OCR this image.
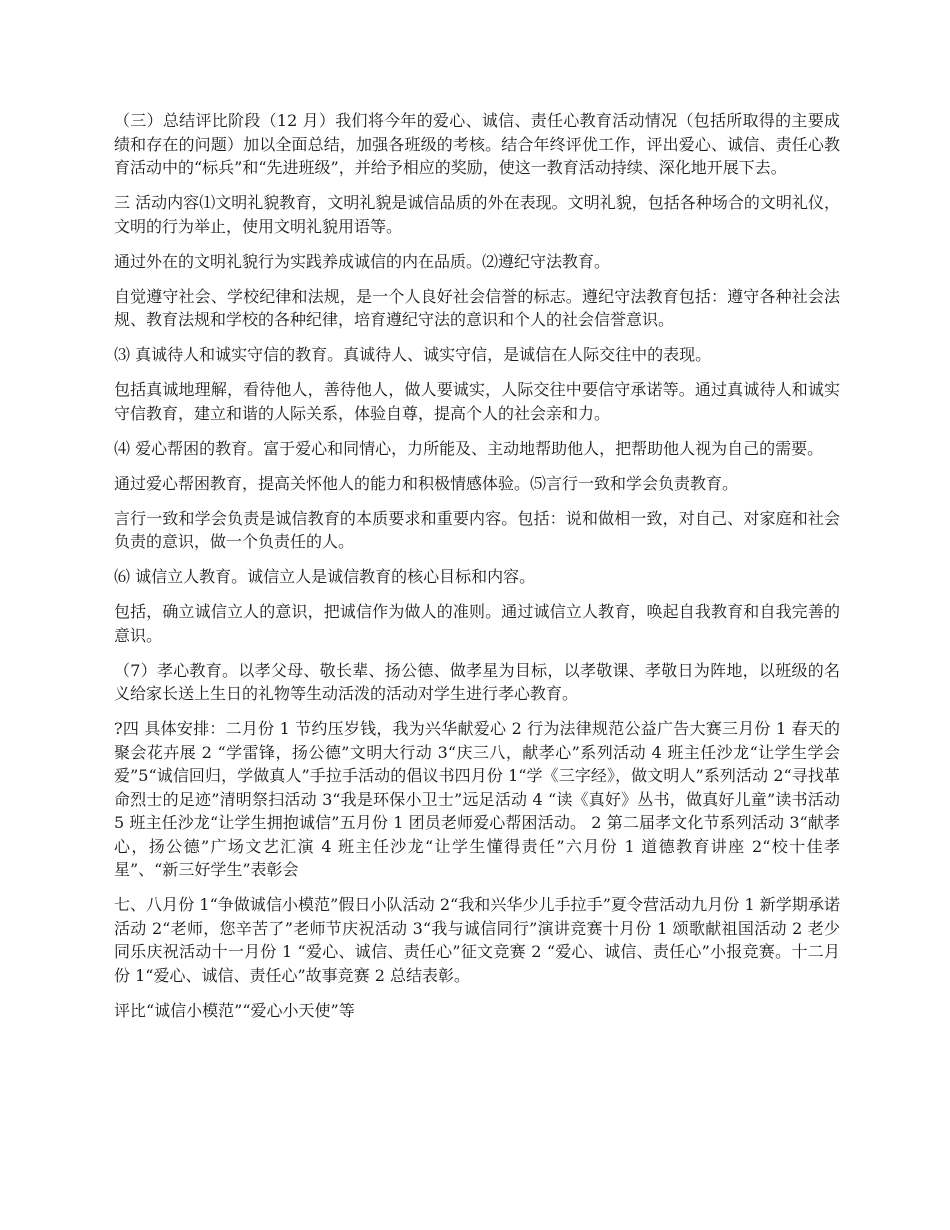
（三）总结评比阶段（12 月）我们将今年的爱心、诚信、责任心教育活动情况（包括所取得的主要成绩和存在的问题）加以全面总结，加强各班级的考核。结合年终评优工作，评出爱心、诚信、责任心教育活动中的“标兵”和“先进班级”，并给予相应的奖励，使这一教育活动持续、深化地开展下去。

三 活动内容⑴文明礼貌教育，文明礼貌是诚信品质的外在表现。文明礼貌，包括各种场合的文明礼仪，文明的行为举止，使用文明礼貌用语等。

通过外在的文明礼貌行为实践养成诚信的内在品质。⑵遵纪守法教育。

自觉遵守社会、学校纪律和法规，是一个人良好社会信誉的标志。遵纪守法教育包括：遵守各种社会法规、教育法规和学校的各种纪律，培育遵纪守法的意识和个人的社会信誉意识。

⑶ 真诚待人和诚实守信的教育。真诚待人、诚实守信，是诚信在人际交往中的表现。

包括真诚地理解，看待他人，善待他人，做人要诚实，人际交往中要信守承诺等。通过真诚待人和诚实守信教育，建立和谐的人际关系，体验自尊，提高个人的社会亲和力。

⑷ 爱心帮困的教育。富于爱心和同情心，力所能及、主动地帮助他人，把帮助他人视为自己的需要。

通过爱心帮困教育，提高关怀他人的能力和积极情感体验。⑸言行一致和学会负责教育。

言行一致和学会负责是诚信教育的本质要求和重要内容。包括：说和做相一致，对自己、对家庭和社会负责的意识，做一个负责任的人。

⑹ 诚信立人教育。诚信立人是诚信教育的核心目标和内容。

包括，确立诚信立人的意识，把诚信作为做人的准则。通过诚信立人教育，唤起自我教育和自我完善的意识。

（7）孝心教育。以孝父母、敬长辈、扬公德、做孝星为目标，以孝敬课、孝敬日为阵地，以班级的名义给家长送上生日的礼物等生动活泼的活动对学生进行孝心教育。

?四 具体安排：二月份 1 节约压岁钱，我为兴华献爱心 2 行为法律规范公益广告大赛三月份 1 春天的聚会花卉展 2 “学雷锋，扬公德”文明大行动 3“庆三八，献孝心”系列活动 4 班主任沙龙“让学生学会爱”5“诚信回归，学做真人”手拉手活动的倡议书四月份 1“学《三字经》，做文明人”系列活动 2“寻找革命烈士的足迹”清明祭扫活动 3“我是环保小卫士”远足活动 4 “读《真好》丛书，做真好儿童”读书活动 5 班主任沙龙“让学生拥抱诚信”五月份 1 团员老师爱心帮困活动。 2 第二届孝文化节系列活动 3“献孝心，扬公德”广场文艺汇演 4 班主任沙龙“让学生懂得责任”六月份 1 道德教育讲座 2“校十佳孝星”、“新三好学生”表彰会

七、八月份 1“争做诚信小模范”假日小队活动 2“我和兴华少儿手拉手”夏令营活动九月份 1 新学期承诺活动 2“老师，您辛苦了”老师节庆祝活动 3“我与诚信同行”演讲竞赛十月份 1 颂歌献祖国活动 2 老少同乐庆祝活动十一月份 1 “爱心、诚信、责任心”征文竞赛 2 “爱心、诚信、责任心”小报竞赛。十二月份 1“爱心、诚信、责任心”故事竞赛 2 总结表彰。

评比“诚信小模范”“爱心小天使”等
